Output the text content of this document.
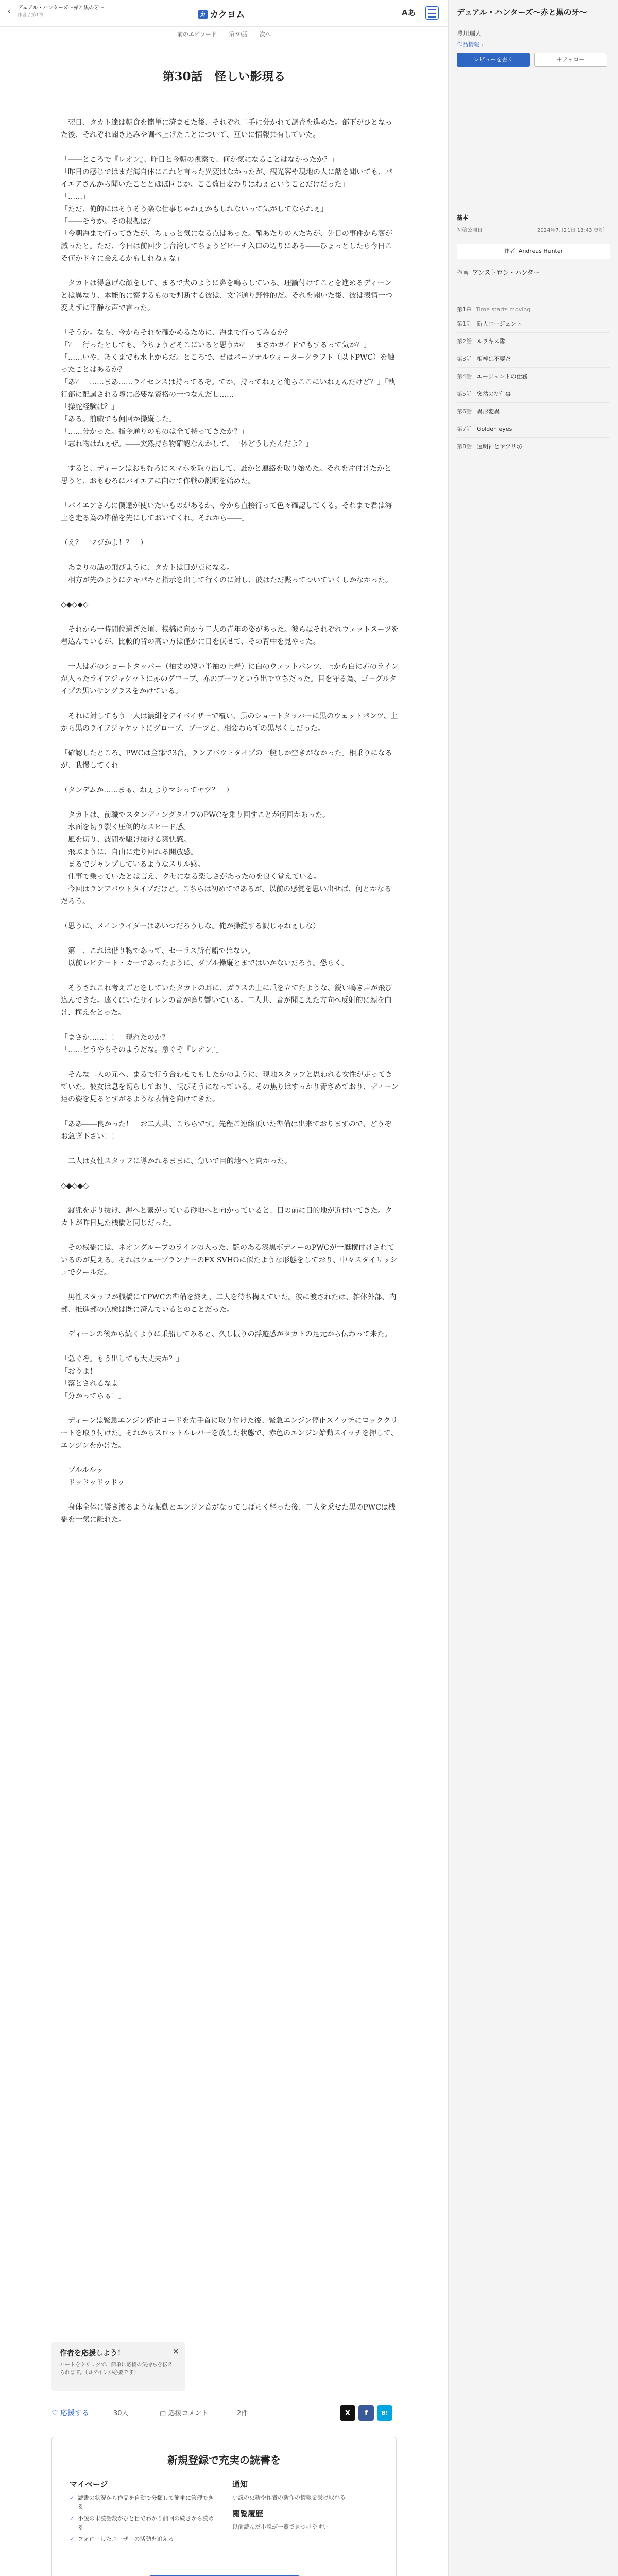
‹ デュアル・ハンターズ〜赤と黒の牙〜
作者 / 第1章	カ カクヨム	Aあ
前のエピソード 第30話 次へ
第30話　怪しい影現る

　翌日、タカト達は朝食を簡単に済ませた後、それぞれ二手に分かれて調査を進めた。部下がひとなった後、それぞれ聞き込みや調べ上げたことについて、互いに情報共有していた。

「――ところで『レオン』、昨日と今朝の視察で、何か気になることはなかったか？」

「昨日の感じではまだ海自体にこれと言った異変はなかったが、観光客や現地の人に話を聞いても、パイエアさんから聞いたこととほぼ同じか、ここ数日変わりはねぇということだけだった」

「……」

「ただ、俺的にはそうそう楽な仕事じゃねぇかもしれないって気がしてならねぇ」

「――そうか。その根拠は？」

「今朝海まで行ってきたが、ちょっと気になる点はあった。鞘あたりの人たちが、先日の事件から客が減ったと。ただ、今日は前回少し台湾してちょうどビーチ入口の辺りにある――ひょっとしたら今日こそ何かドキに会えるかもしれねぇな」

　タカトは得意げな顔をして、まるで犬のように鼻を鳴らしている。理論付けてことを進めるディーンとは異なり、本能的に察するもので判断する彼は、文字通り野性的だ。それを聞いた後、彼は表情一つ変えずに平静な声で言った。

「そうか。なら、今からそれを確かめるために、海まで行ってみるか？」

「？　行ったとしても、今ちょうどそこにいると思うか？　まさかガイドでもするって気か？」

「……いや、あくまでも水上からだ。ところで、君はパーソナルウォータークラフト（以下PWC）を触ったことはあるか？」

「あ？　……まあ……ライセンスは持ってるぞ。てか、持ってねぇと俺らここにいねぇんだけど？」「執行部に配属される際に必要な資格の一つなんだし……」

「操舵経験は？」

「ある。前職でも何回か操縦した」

「……分かった。指令通りのものは全て持ってきたか？」

「忘れ物はねぇぜ。――突然持ち物確認なんかして、一体どうしたんだよ？」

　すると、ディーンはおもむろにスマホを取り出して、誰かと連絡を取り始めた。それを片付けたかと思うと、おもむろにパイエアに向けて作戦の説明を始めた。

「パイエアさんに僕達が使いたいものがあるか、今から直接行って色々確認してくる。それまで君は海上を走る為の準備を先にしておいてくれ。それから――」

（え？　マジかよ！？　）

　あまりの話の飛びように、タカトは目が点になる。

　相方が先のようにテキパキと指示を出して行くのに対し、彼はただ黙ってついていくしかなかった。

◇◆◇◆◇

　それから一時間位過ぎた頃、桟橋に向かう二人の青年の姿があった。彼らはそれぞれウェットスーツを着込んでいるが、比較的背の高い方は僅かに目を伏せて、その背中を見やった。

　一人は赤のショートタッパー（袖丈の短い半袖の上着）に白のウェットパンツ、上から白に赤のラインが入ったライフジャケットに赤のグローブ、赤のブーツという出で立ちだった。目を守る為、ゴーグルタイプの黒いサングラスをかけている。

　それに対してもう一人は濃紺をアイバイザーで覆い、黒のショートタッパーに黒のウェットパンツ、上から黒のライフジャケットにグローブ、ブーツと、相変わらずの黒尽くしだった。

「確認したところ、PWCは全部で3台、ランアバウトタイプの一艇しか空きがなかった。相乗りになるが、我慢してくれ」

（タンデムか……まぁ、ねぇよりマシってヤツ？　）

　タカトは、前職でスタンディングタイプのPWCを乗り回すことが何回かあった。

　水面を切り裂く圧倒的なスピード感。

　風を切り、波間を駆け抜ける爽快感。

　飛ぶように、自由に走り回れる開放感。

　まるでジャンプしているようなスリル感。

　仕事で乗っていたとは言え、クセになる楽しさがあったのを良く覚えている。

　今回はランアバウトタイプだけど。こちらは初めてであるが、以前の感覚を思い出せば、何とかなるだろう。

（思うに、メインライダーはあいつだろうしな。俺が操縦する訳じゃねぇしな）

　第一、これは借り物であって、セーラス所有船ではない。

　以前レビテート・カーであったように、ダブル操縦とまではいかないだろう。恐らく。

　そうされこれ考えごとをしていたタカトの耳に、ガラスの上に爪を立てたような、鋭い鳴き声が飛び込んできた。遠くにいたサイレンの音が鳴り響いている。二人共、音が聞こえた方向へ反射的に顔を向け、構えをとった。

「まさか……！！　現れたのか？」

「……どうやらそのようだな。急ぐぞ『レオン』」

　そんな二人の元へ、まるで行う合わせでもしたかのように、現地スタッフと思われる女性が走ってきていた。彼女は息を切らしており、転びそうになっている。その焦りはすっかり青ざめており、ディーン達の姿を見るとすがるような表情を向けてきた。

「ああ――良かった！　お二人共、こちらです。先程ご連絡頂いた準備は出来ておりますので、どうぞお急ぎ下さい！！」

　二人は女性スタッフに導かれるままに、急いで目的地へと向かった。

◇◆◇◆◇

　渡猟を走り抜け、海へと繋がっている砂地へと向かっていると、目の前に目的地が近付いてきた。タカトが昨日見た桟橋と同じだった。

　その桟橋には、ネオングループのラインの入った、艶のある漆黒ボディーのPWCが一艇横付けされているのが見える。それはウェーブランナーのFX SVHOに似たような形態をしており、中々スタイリッシュでクールだ。

　男性スタッフが桟橋にてPWCの準備を終え、二人を待ち構えていた。彼に渡されたは、雑体外部、内部、推進部の点検は既に済んでいるとのことだった。

　ディーンの後から続くように乗船してみると、久し振りの浮遊感がタカトの足元から伝わって来た。

「急ぐぞ。もう出しても大丈夫か？」

「おうよ！」

「落とされるなよ」

「分かってらぁ！」

　ディーンは緊急エンジン停止コードを左手首に取り付けた後、緊急エンジン停止スイッチにロッククリートを取り付けた。それからスロットルレバーを放した状態で、赤色のエンジン始動スイッチを押して、エンジンをかけた。

　ブルルルッ

　ドッドッドッドッ

　身体全体に響き渡るような振動とエンジン音がなってしばらく経った後、二人を乗せた黒のPWCは桟橋を一気に離れた。

作者を応援しよう！
ハートをクリックで、簡単に応援の気持ちを伝えられます。（ログインが必要です）
✕
♡ 応援する	30人	▢ 応援コメント	2件	X	f	B!
新規登録で充実の読書を
マイページ
✓ 読書の状況から作品を自動で分類して簡単に管理できる
✓ 小説の未読話数がひと目でわかり前回の続きから読める
✓ フォローしたユーザーの活動を追える
通知
小説の更新や作者の新作の情報を受け取れる
閲覧履歴
以前読んだ小説が一覧で見つけやすい
デュアル・ハンターズ〜赤と黒の牙〜
豊川瑞人
作品情報 ›
レビューを書く	＋フォロー
基本
初稿公開日	2024年7月21日 13:43 更新
作者 Andreas Hunter
作画 アンストロン・ハンター
第1章 Time starts moving
第1話 新人エージェント
第2話 ルラキス隊
第3話 相棒は不要だ
第4話 エージェントの仕務
第5話 突然の初仕事
第6話 異形変異
第7話 Golden eyes
第8話 透明神とヤツリ坊
